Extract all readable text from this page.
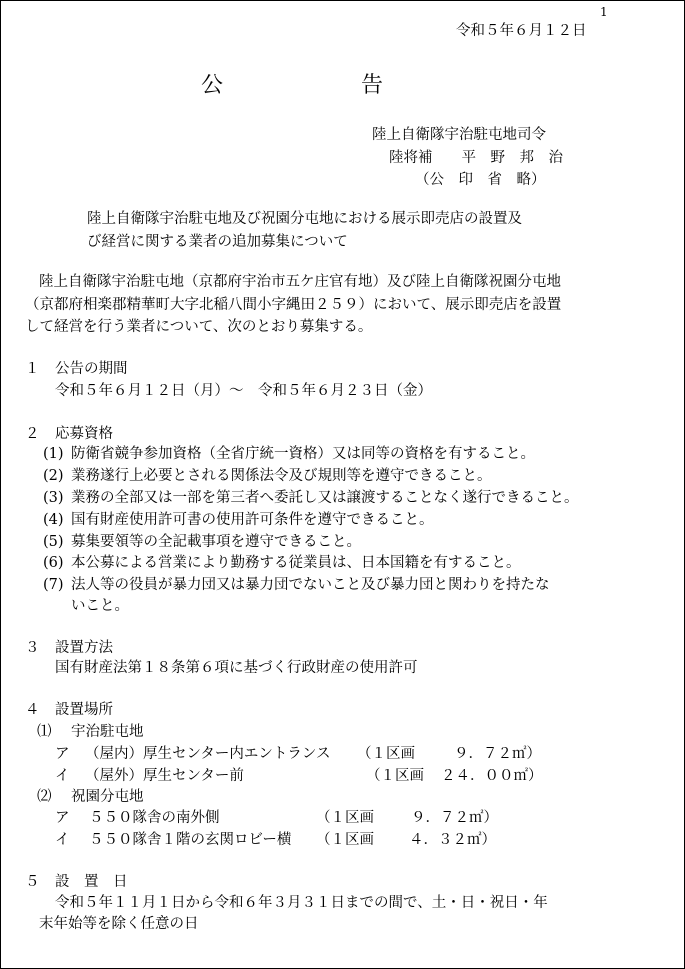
1
令和５年６月１２日
公	告
陸上自衛隊宇治駐屯地司令
陸将補　　平　野　邦　治
（公　印　省　略）
陸上自衛隊宇治駐屯地及び祝園分屯地における展示即売店の設置及
び経営に関する業者の追加募集について
陸上自衛隊宇治駐屯地（京都府宇治市五ケ庄官有地）及び陸上自衛隊祝園分屯地
（京都府相楽郡精華町大字北稲八間小字縄田２５９）において、展示即売店を設置
して経営を行う業者について、次のとおり募集する。
１ 公告の期間
令和５年６月１２日（月）～　令和５年６月２３日（金）
２ 応募資格
(1) 防衛省競争参加資格（全省庁統一資格）又は同等の資格を有すること。
(2) 業務遂行上必要とされる関係法令及び規則等を遵守できること。
(3) 業務の全部又は一部を第三者へ委託し又は譲渡することなく遂行できること。
(4) 国有財産使用許可書の使用許可条件を遵守できること。
(5) 募集要領等の全記載事項を遵守できること。
(6) 本公募による営業により勤務する従業員は、日本国籍を有すること。
(7) 法人等の役員が暴力団又は暴力団でないこと及び暴力団と関わりを持たな
いこと。
３ 設置方法
国有財産法第１８条第６項に基づく行政財産の使用許可
４ 設置場所
⑴ 宇治駐屯地
ア （屋内）厚生センター内エントランス （１区画	９．７２㎡）
イ （屋外）厚生センター前	（１区画 ２４．００㎡）
⑵ 祝園分屯地
ア ５５０隊舎の南外側	（１区画	９．７２㎡）
イ ５５０隊舎１階の玄関ロビー横 （１区画 ４．３２㎡）
５ 設　置　日
令和５年１１月１日から令和６年３月３１日までの間で、土・日・祝日・年
末年始等を除く任意の日
